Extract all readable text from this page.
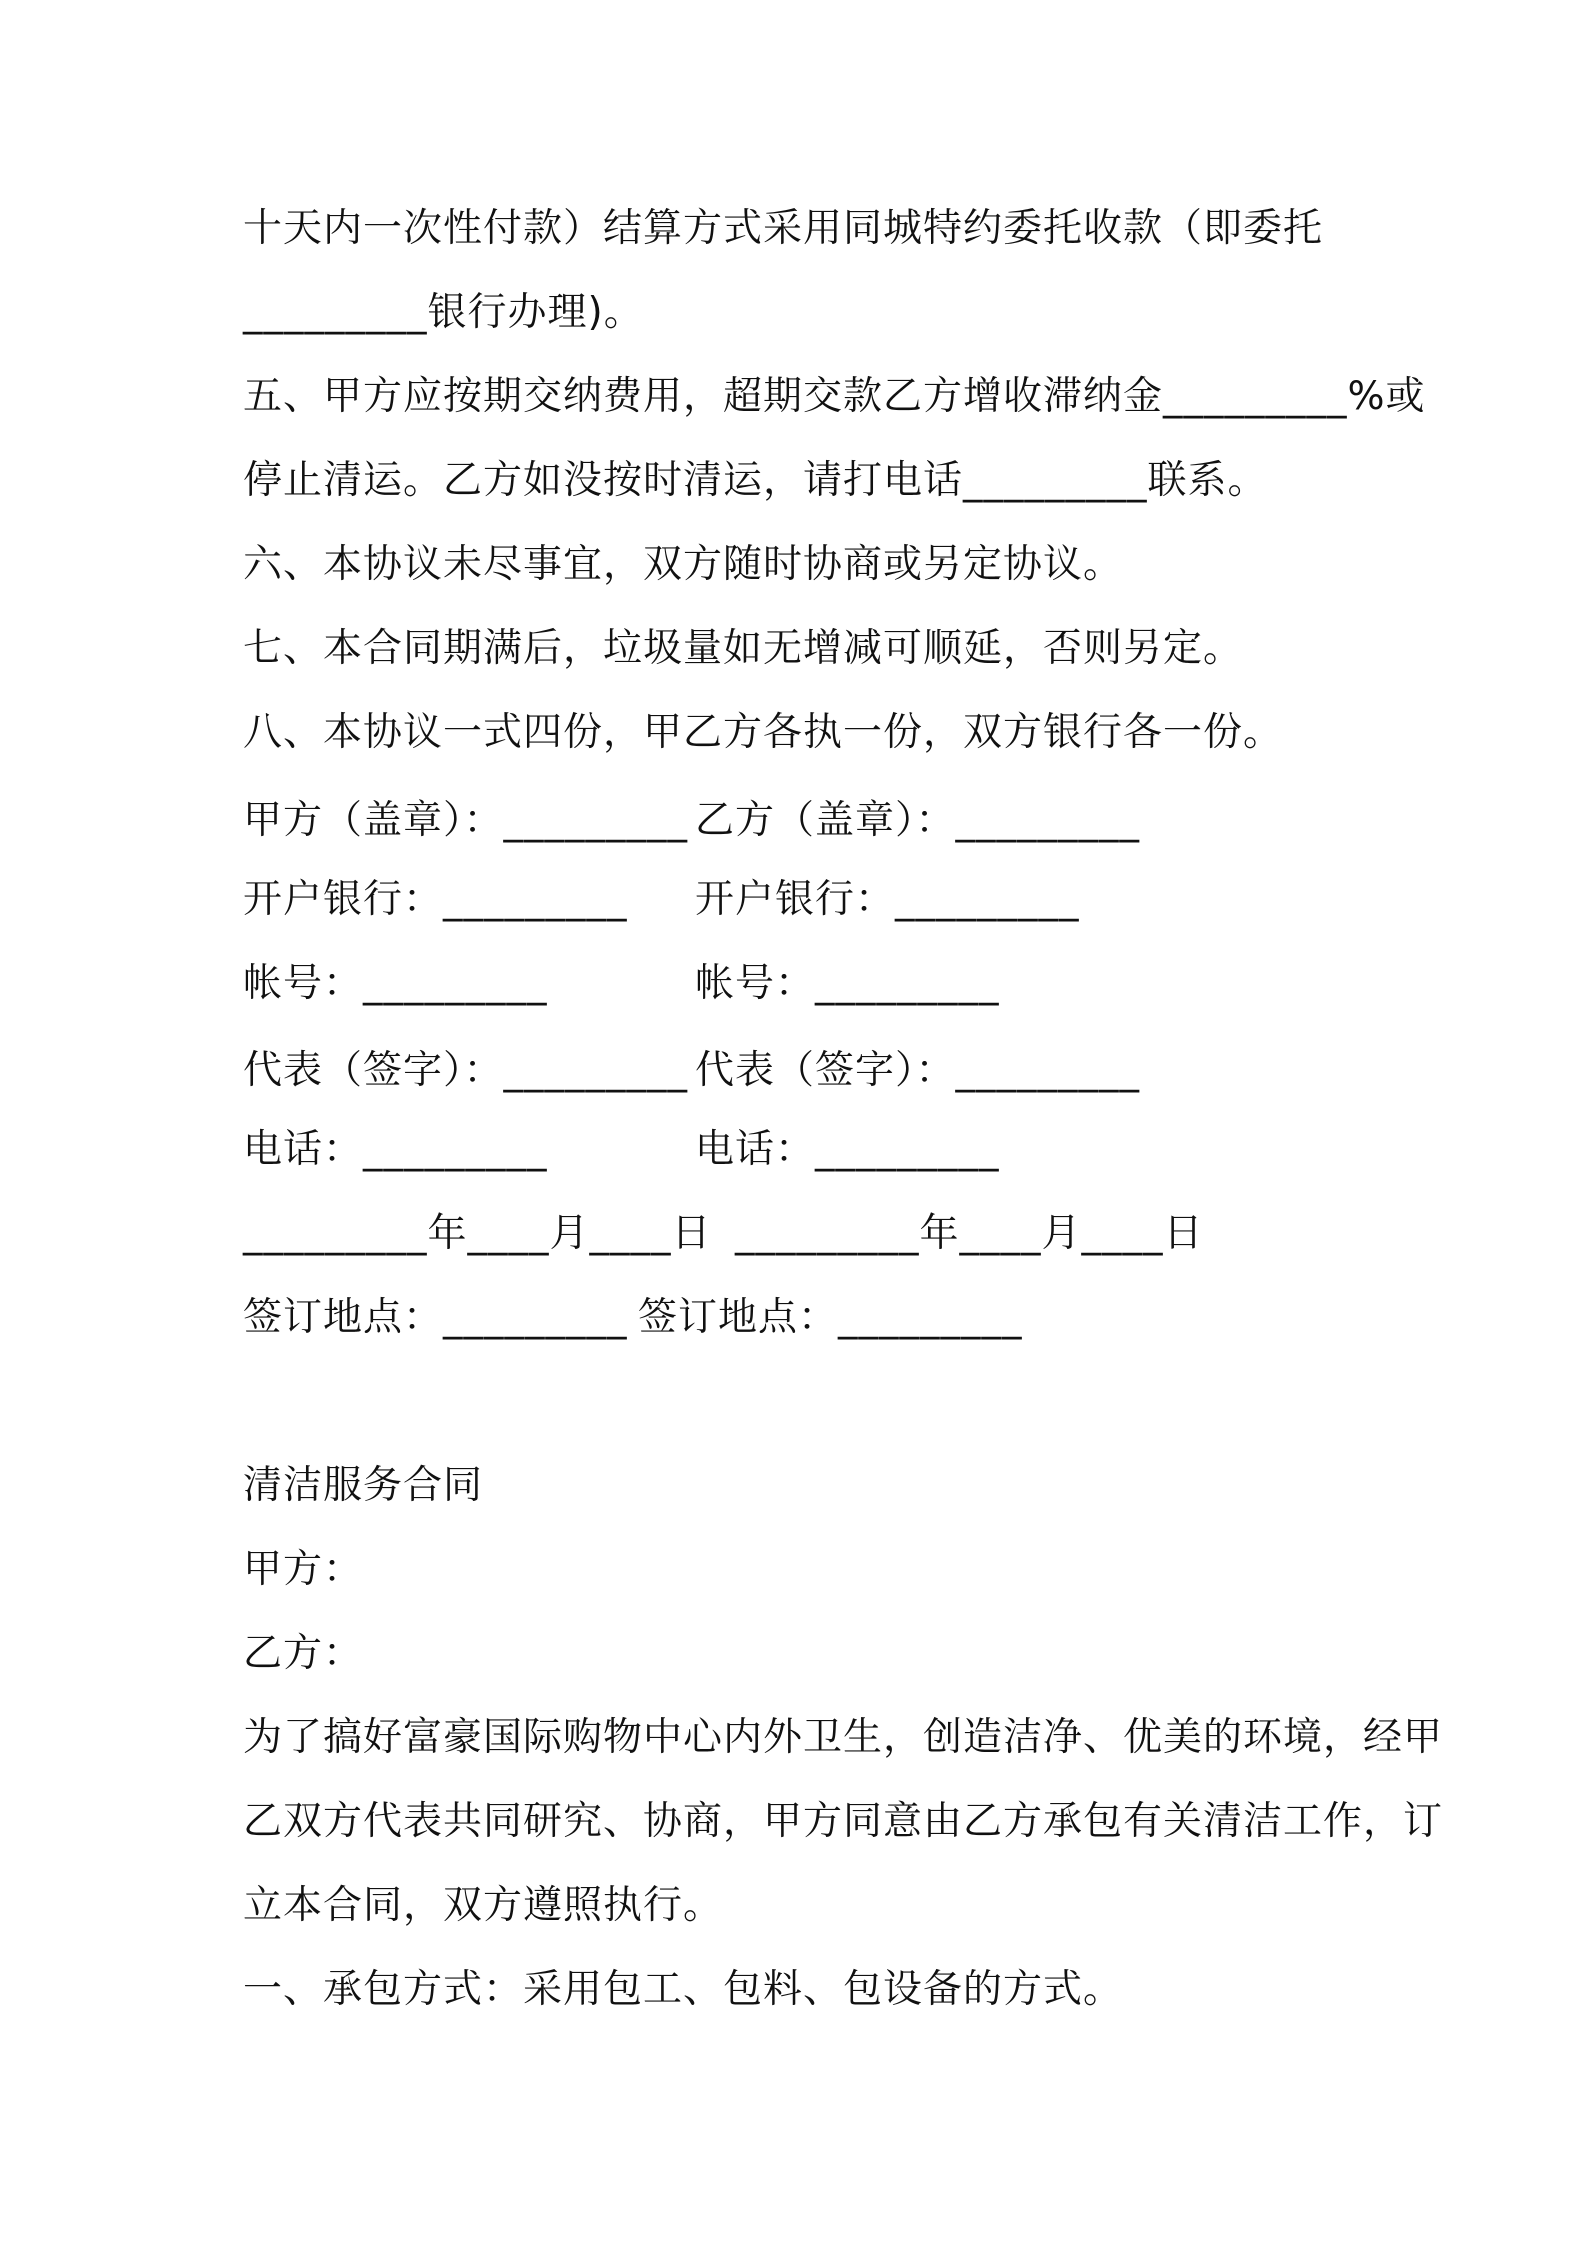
十天内一次性付款）结算方式采用同城特约委托收款（即委托
_________银行办理)。
五、甲方应按期交纳费用，超期交款乙方增收滞纳金_________%或
停止清运。乙方如没按时清运，请打电话_________联系。
六、本协议未尽事宜，双方随时协商或另定协议。
七、本合同期满后，垃圾量如无增减可顺延，否则另定。
八、本协议一式四份，甲乙方各执一份，双方银行各一份。
甲方（盖章）：_________ 乙方（盖章）：_________
开户银行：_________ 开户银行：_________
帐号：_________	帐号：_________
代表（签字）：_________ 代表（签字）：_________
电话：_________	电话：_________
_________年____月____日 _________年____月____日
签订地点：_________ 签订地点：_________
清洁服务合同
甲方：
乙方：
为了搞好富豪国际购物中心内外卫生，创造洁净、优美的环境，经甲
乙双方代表共同研究、协商，甲方同意由乙方承包有关清洁工作，订
立本合同，双方遵照执行。
一、承包方式：采用包工、包料、包设备的方式。
